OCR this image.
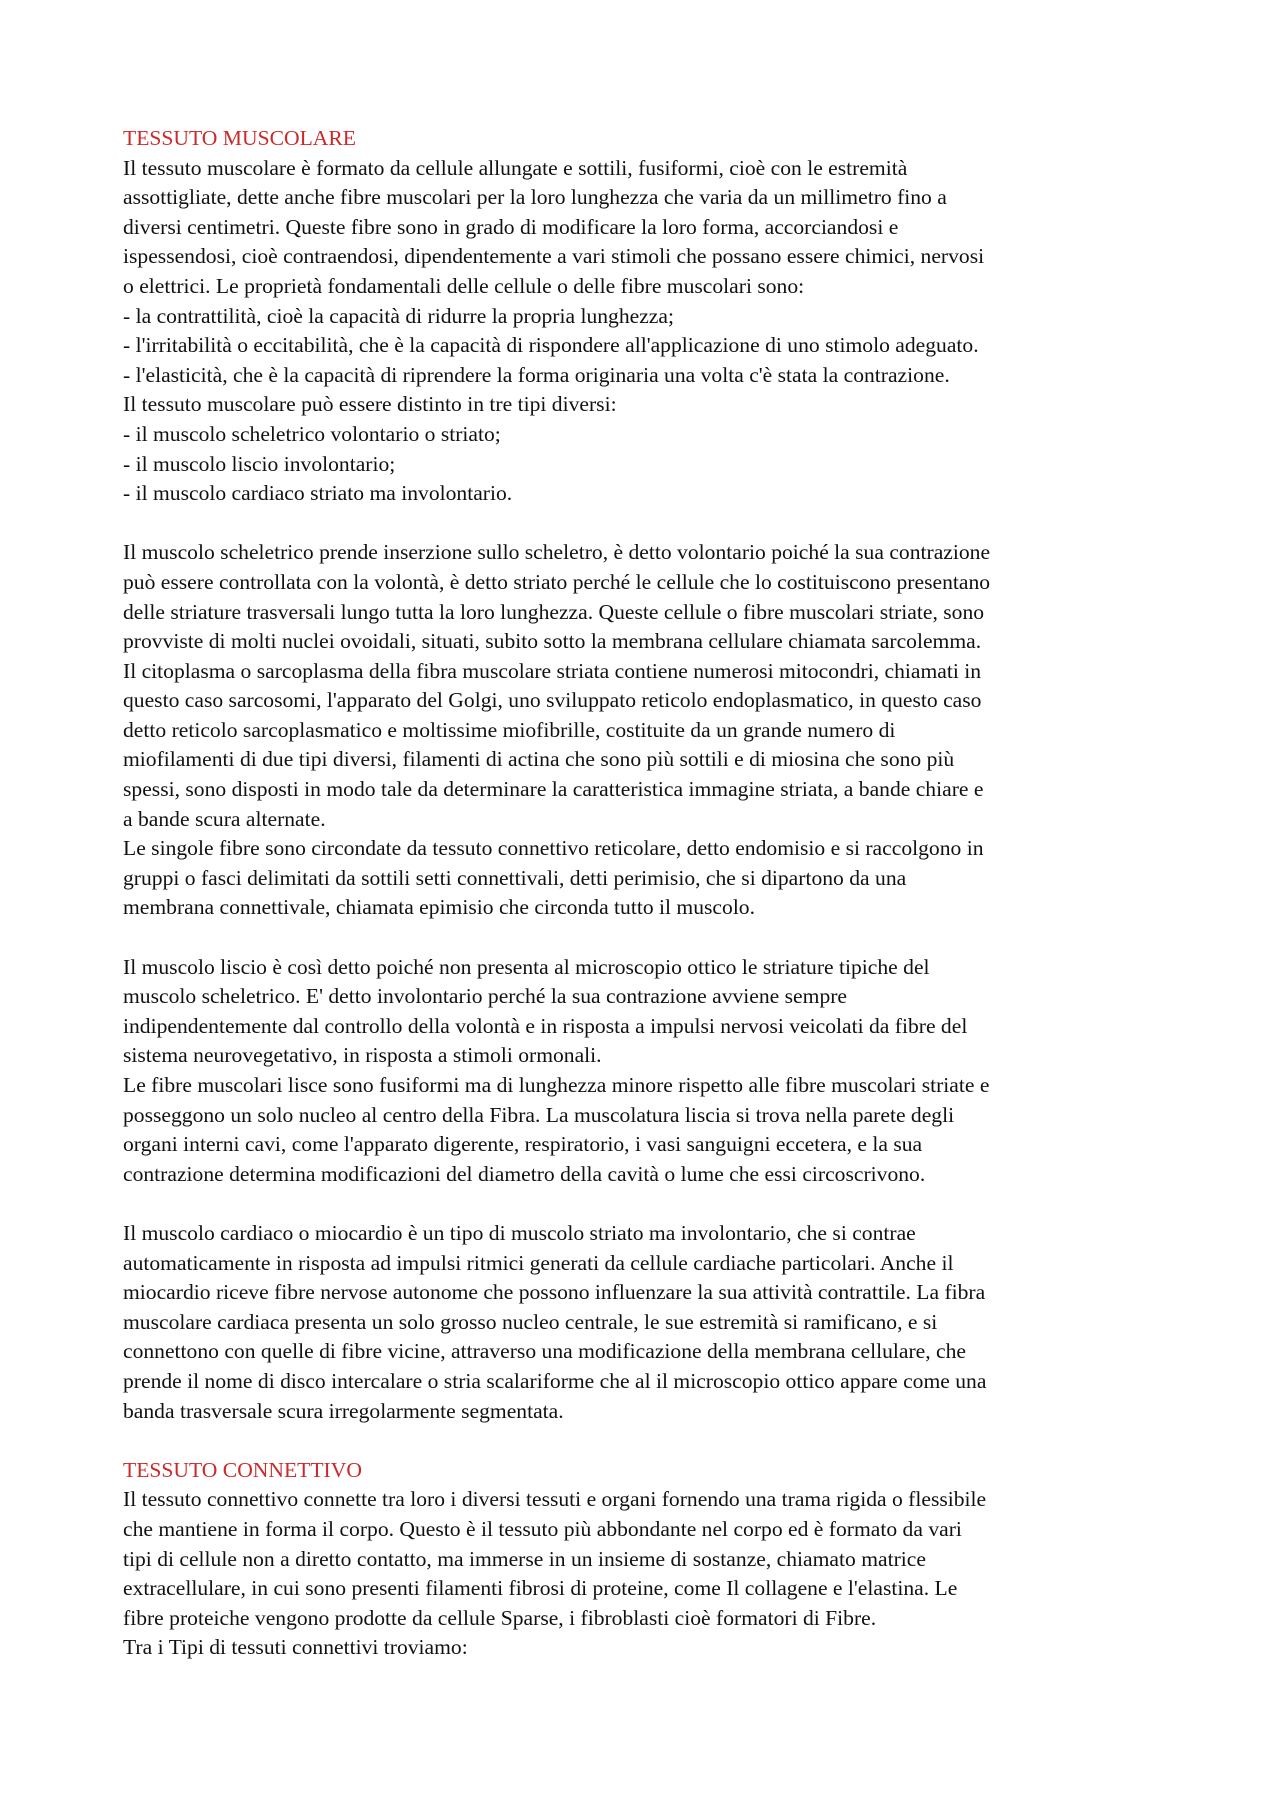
TESSUTO MUSCOLARE
Il tessuto muscolare è formato da cellule allungate e sottili, fusiformi, cioè con le estremità
assottigliate, dette anche fibre muscolari per la loro lunghezza che varia da un millimetro fino a
diversi centimetri. Queste fibre sono in grado di modificare la loro forma, accorciandosi e
ispessendosi, cioè contraendosi, dipendentemente a vari stimoli che possano essere chimici, nervosi
o elettrici. Le proprietà fondamentali delle cellule o delle fibre muscolari sono:
- la contrattilità, cioè la capacità di ridurre la propria lunghezza;
- l'irritabilità o eccitabilità, che è la capacità di rispondere all'applicazione di uno stimolo adeguato.
- l'elasticità, che è la capacità di riprendere la forma originaria una volta c'è stata la contrazione.
Il tessuto muscolare può essere distinto in tre tipi diversi:
- il muscolo scheletrico volontario o striato;
- il muscolo liscio involontario;
- il muscolo cardiaco striato ma involontario.
Il muscolo scheletrico prende inserzione sullo scheletro, è detto volontario poiché la sua contrazione
può essere controllata con la volontà, è detto striato perché le cellule che lo costituiscono presentano
delle striature trasversali lungo tutta la loro lunghezza. Queste cellule o fibre muscolari striate, sono
provviste di molti nuclei ovoidali, situati, subito sotto la membrana cellulare chiamata sarcolemma.
Il citoplasma o sarcoplasma della fibra muscolare striata contiene numerosi mitocondri, chiamati in
questo caso sarcosomi, l'apparato del Golgi, uno sviluppato reticolo endoplasmatico, in questo caso
detto reticolo sarcoplasmatico e moltissime miofibrille, costituite da un grande numero di
miofilamenti di due tipi diversi, filamenti di actina che sono più sottili e di miosina che sono più
spessi, sono disposti in modo tale da determinare la caratteristica immagine striata, a bande chiare e
a bande scura alternate.
Le singole fibre sono circondate da tessuto connettivo reticolare, detto endomisio e si raccolgono in
gruppi o fasci delimitati da sottili setti connettivali, detti perimisio, che si dipartono da una
membrana connettivale, chiamata epimisio che circonda tutto il muscolo.
Il muscolo liscio è così detto poiché non presenta al microscopio ottico le striature tipiche del
muscolo scheletrico. E' detto involontario perché la sua contrazione avviene sempre
indipendentemente dal controllo della volontà e in risposta a impulsi nervosi veicolati da fibre del
sistema neurovegetativo, in risposta a stimoli ormonali.
Le fibre muscolari lisce sono fusiformi ma di lunghezza minore rispetto alle fibre muscolari striate e
posseggono un solo nucleo al centro della Fibra. La muscolatura liscia si trova nella parete degli
organi interni cavi, come l'apparato digerente, respiratorio, i vasi sanguigni eccetera, e la sua
contrazione determina modificazioni del diametro della cavità o lume che essi circoscrivono.
Il muscolo cardiaco o miocardio è un tipo di muscolo striato ma involontario, che si contrae
automaticamente in risposta ad impulsi ritmici generati da cellule cardiache particolari. Anche il
miocardio riceve fibre nervose autonome che possono influenzare la sua attività contrattile. La fibra
muscolare cardiaca presenta un solo grosso nucleo centrale, le sue estremità si ramificano, e si
connettono con quelle di fibre vicine, attraverso una modificazione della membrana cellulare, che
prende il nome di disco intercalare o stria scalariforme che al il microscopio ottico appare come una
banda trasversale scura irregolarmente segmentata.
TESSUTO CONNETTIVO
Il tessuto connettivo connette tra loro i diversi tessuti e organi fornendo una trama rigida o flessibile
che mantiene in forma il corpo. Questo è il tessuto più abbondante nel corpo ed è formato da vari
tipi di cellule non a diretto contatto, ma immerse in un insieme di sostanze, chiamato matrice
extracellulare, in cui sono presenti filamenti fibrosi di proteine, come Il collagene e l'elastina. Le
fibre proteiche vengono prodotte da cellule Sparse, i fibroblasti cioè formatori di Fibre.
Tra i Tipi di tessuti connettivi troviamo:
